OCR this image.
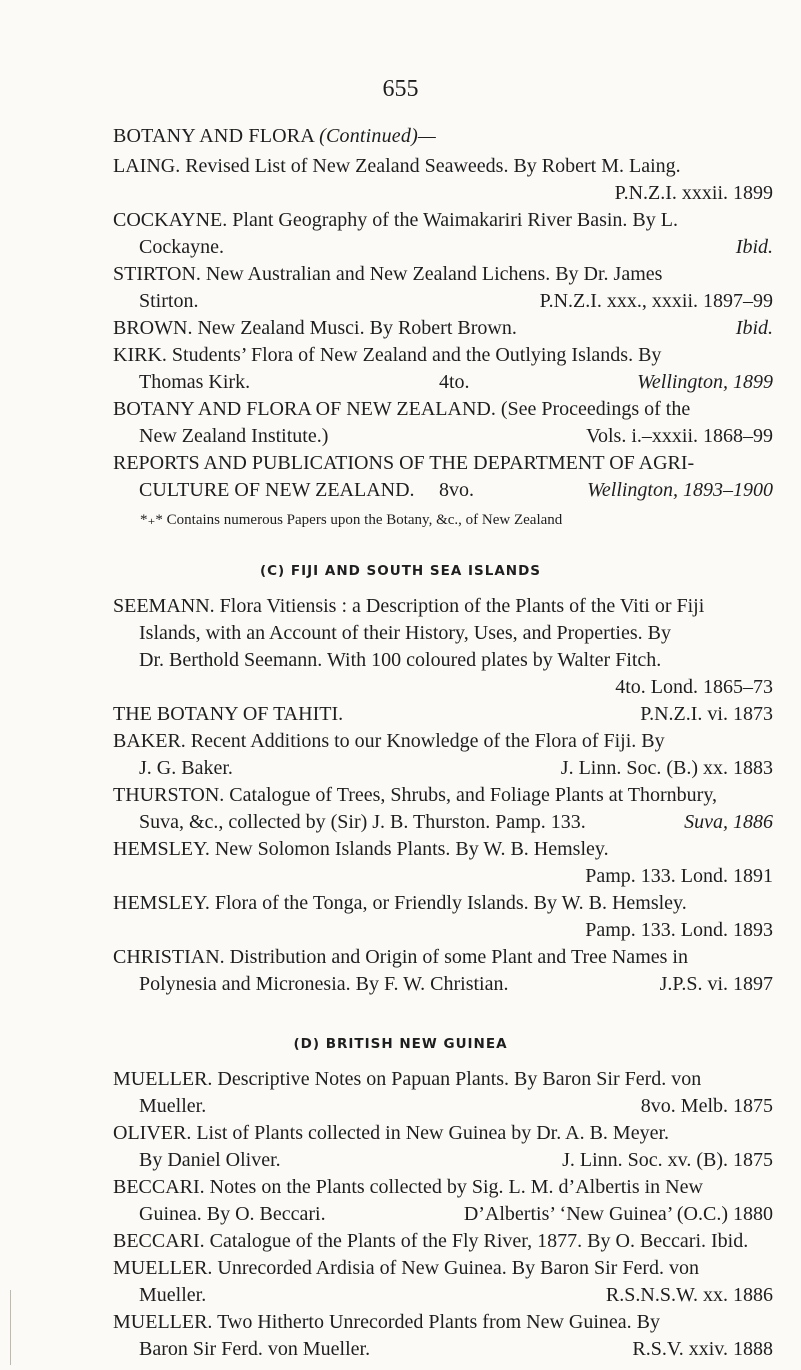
655
BOTANY AND FLORA (Continued)—
LAING. Revised List of New Zealand Seaweeds. By Robert M. Laing.
P.N.Z.I. xxxii. 1899
COCKAYNE. Plant Geography of the Waimakariri River Basin. By L.
Cockayne.	Ibid.
STIRTON. New Australian and New Zealand Lichens. By Dr. James
Stirton.	P.N.Z.I. xxx., xxxii. 1897–99
BROWN. New Zealand Musci. By Robert Brown.	Ibid.
KIRK. Students’ Flora of New Zealand and the Outlying Islands. By
Thomas Kirk.	4to.	Wellington, 1899
BOTANY AND FLORA OF NEW ZEALAND. (See Proceedings of the
New Zealand Institute.)	Vols. i.–xxxii. 1868–99
REPORTS AND PUBLICATIONS OF THE DEPARTMENT OF AGRI-
CULTURE OF NEW ZEALAND.	8vo.	Wellington, 1893–1900
*₊* Contains numerous Papers upon the Botany, &c., of New Zealand
(C) FIJI AND SOUTH SEA ISLANDS
SEEMANN. Flora Vitiensis : a Description of the Plants of the Viti or Fiji
Islands, with an Account of their History, Uses, and Properties. By
Dr. Berthold Seemann. With 100 coloured plates by Walter Fitch.
4to. Lond. 1865–73
THE BOTANY OF TAHITI.	P.N.Z.I. vi. 1873
BAKER. Recent Additions to our Knowledge of the Flora of Fiji. By
J. G. Baker.	J. Linn. Soc. (B.) xx. 1883
THURSTON. Catalogue of Trees, Shrubs, and Foliage Plants at Thornbury,
Suva, &c., collected by (Sir) J. B. Thurston. Pamp. 133.	Suva, 1886
HEMSLEY. New Solomon Islands Plants. By W. B. Hemsley.
Pamp. 133. Lond. 1891
HEMSLEY. Flora of the Tonga, or Friendly Islands. By W. B. Hemsley.
Pamp. 133. Lond. 1893
CHRISTIAN. Distribution and Origin of some Plant and Tree Names in
Polynesia and Micronesia. By F. W. Christian.	J.P.S. vi. 1897
(D) BRITISH NEW GUINEA
MUELLER. Descriptive Notes on Papuan Plants. By Baron Sir Ferd. von
Mueller.	8vo. Melb. 1875
OLIVER. List of Plants collected in New Guinea by Dr. A. B. Meyer.
By Daniel Oliver.	J. Linn. Soc. xv. (B). 1875
BECCARI. Notes on the Plants collected by Sig. L. M. d’Albertis in New
Guinea. By O. Beccari.	D’Albertis’ ‘New Guinea’ (O.C.) 1880
BECCARI. Catalogue of the Plants of the Fly River, 1877. By O. Beccari. Ibid.
MUELLER. Unrecorded Ardisia of New Guinea. By Baron Sir Ferd. von
Mueller.	R.S.N.S.W. xx. 1886
MUELLER. Two Hitherto Unrecorded Plants from New Guinea. By
Baron Sir Ferd. von Mueller.	R.S.V. xxiv. 1888
